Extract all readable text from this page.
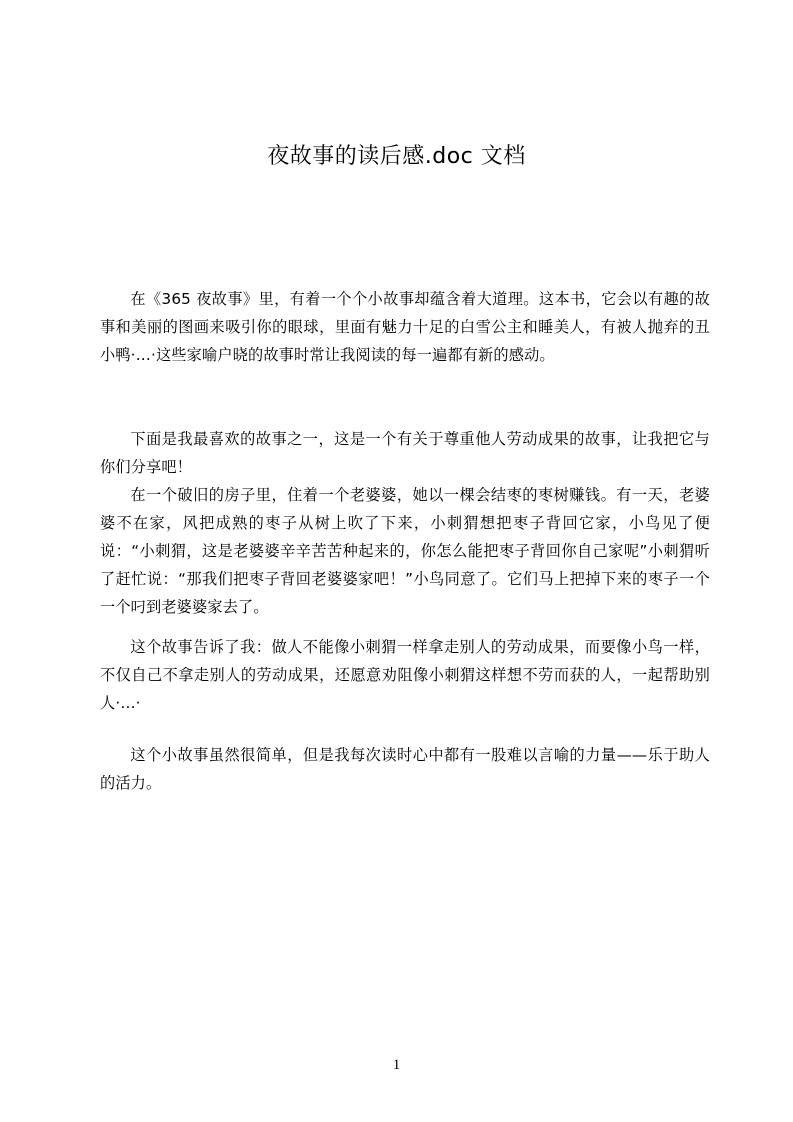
夜故事的读后感.doc 文档

在《365 夜故事》里，有着一个个小故事却蕴含着大道理。这本书，它会以有趣的故事和美丽的图画来吸引你的眼球，里面有魅力十足的白雪公主和睡美人，有被人抛弃的丑小鸭·…·这些家喻户晓的故事时常让我阅读的每一遍都有新的感动。

下面是我最喜欢的故事之一，这是一个有关于尊重他人劳动成果的故事，让我把它与你们分享吧！

在一个破旧的房子里，住着一个老婆婆，她以一棵会结枣的枣树赚钱。有一天，老婆婆不在家，风把成熟的枣子从树上吹了下来，小刺猬想把枣子背回它家，小鸟见了便说：“小刺猬，这是老婆婆辛辛苦苦种起来的，你怎么能把枣子背回你自己家呢”小刺猬听了赶忙说：“那我们把枣子背回老婆婆家吧！”小鸟同意了。它们马上把掉下来的枣子一个一个叼到老婆婆家去了。

这个故事告诉了我：做人不能像小刺猬一样拿走别人的劳动成果，而要像小鸟一样，不仅自己不拿走别人的劳动成果，还愿意劝阻像小刺猬这样想不劳而获的人，一起帮助别人·…·

这个小故事虽然很简单，但是我每次读时心中都有一股难以言喻的力量——乐于助人的活力。

1
